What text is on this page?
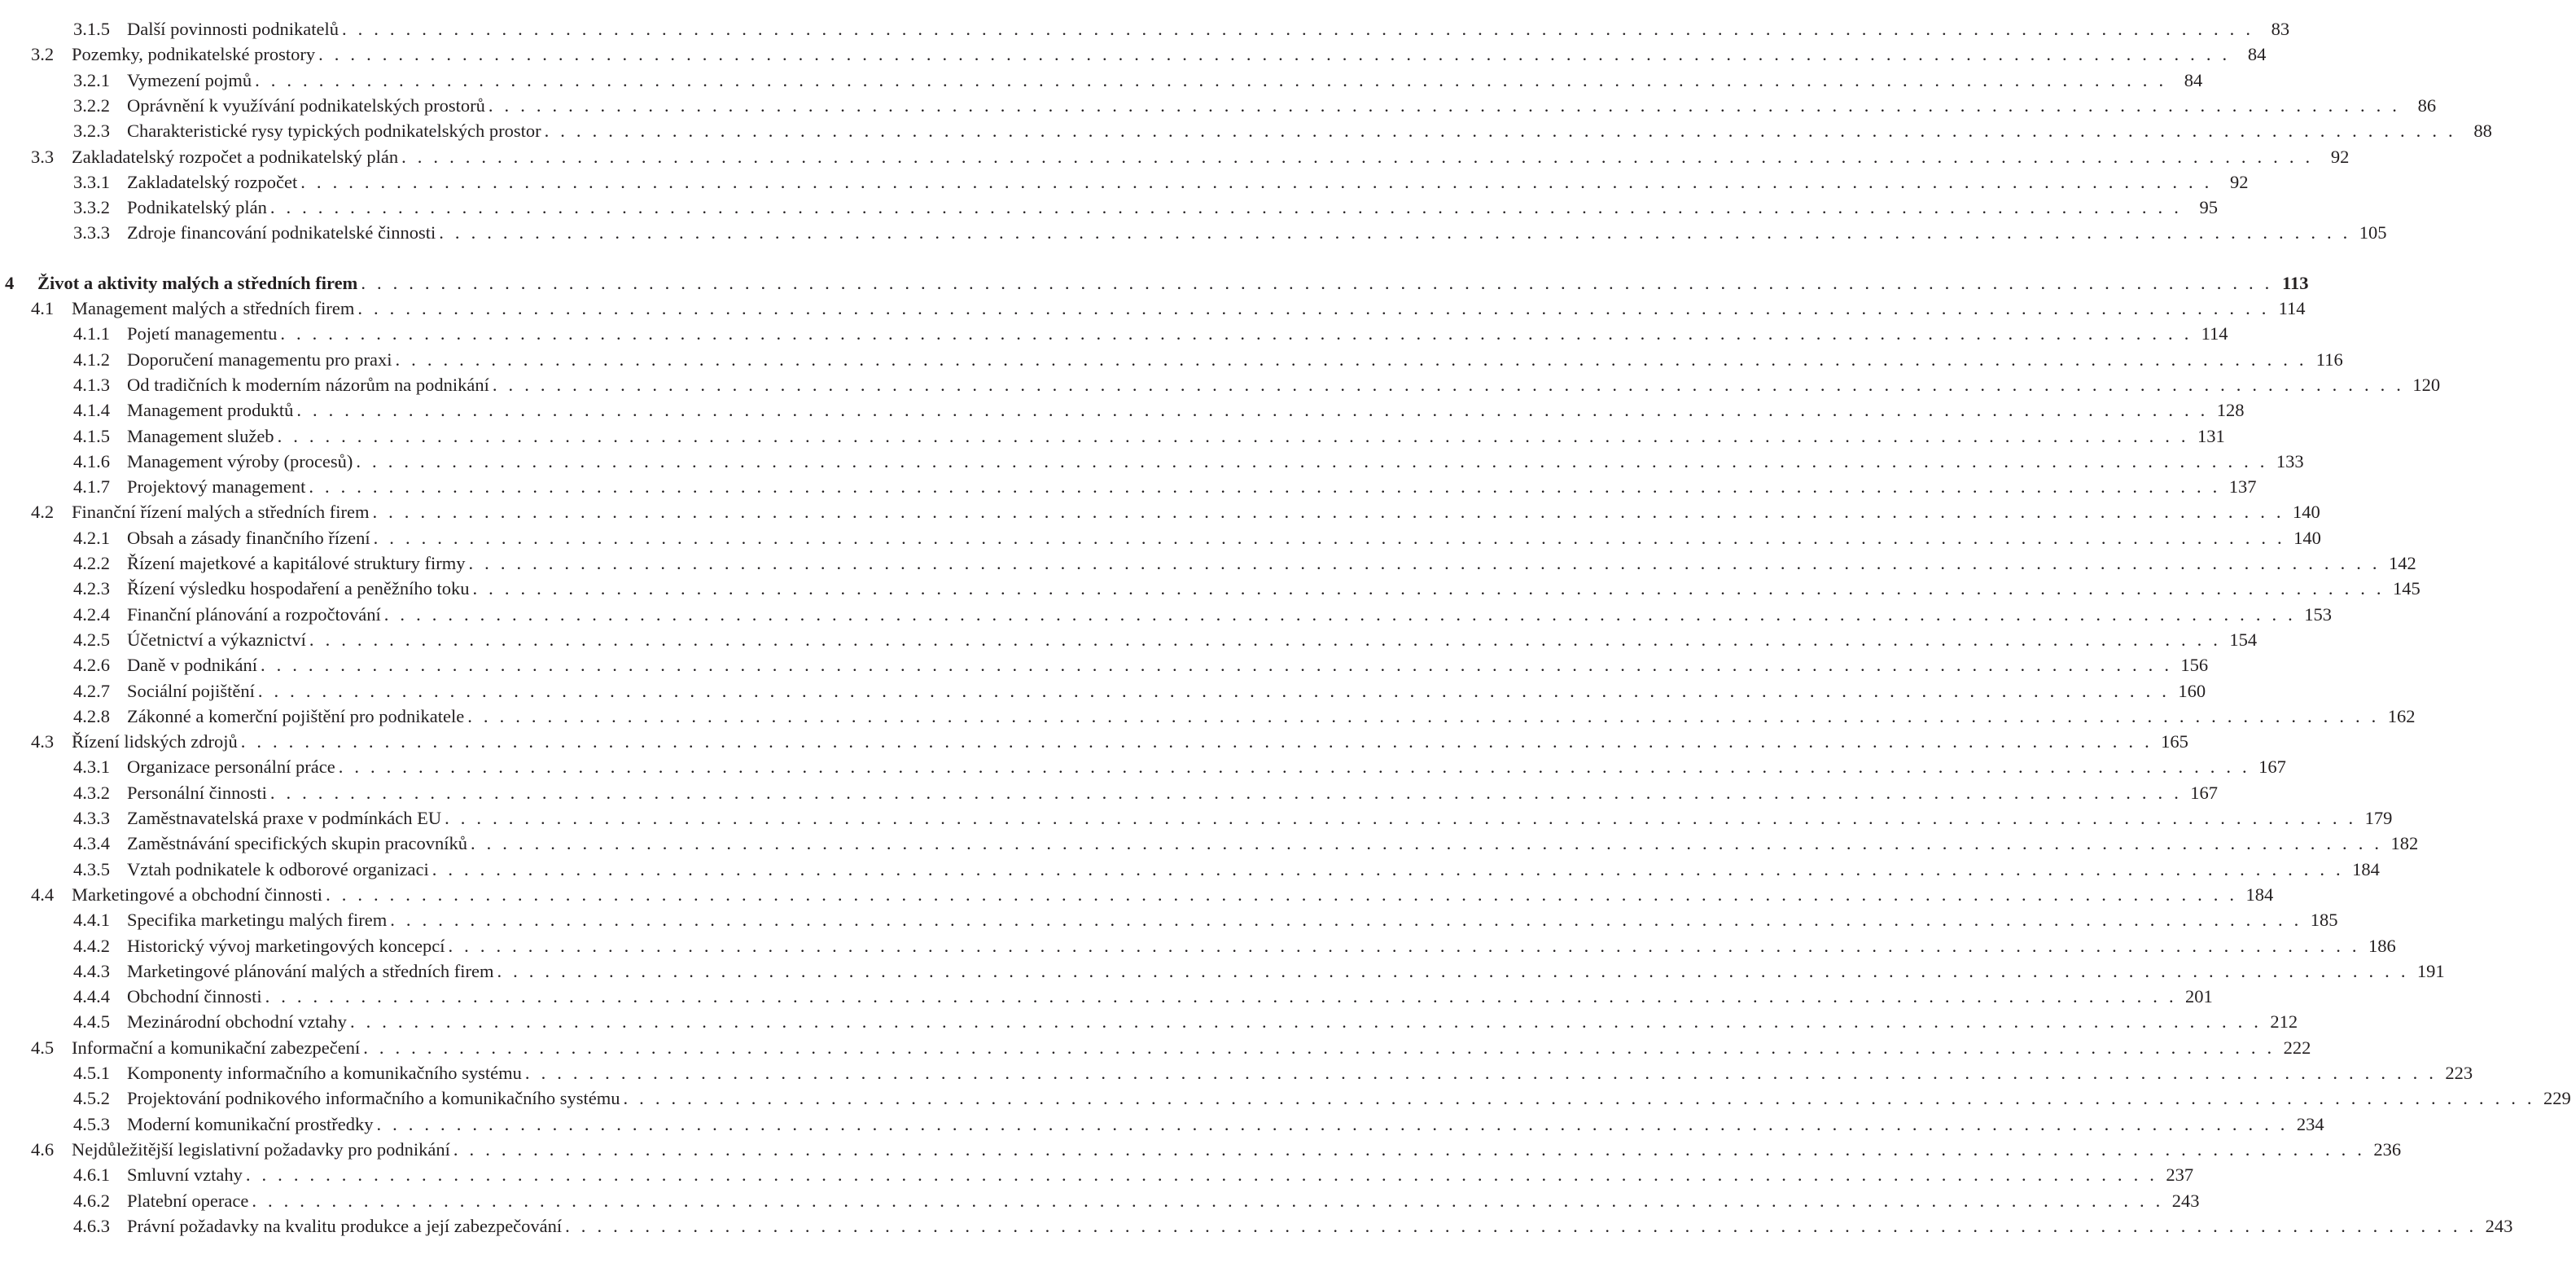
3.1.5 Další povinnosti podnikatelů . . . . . . . . . . . . . . . . . . . . . . . . . . . . . . . . . . . . . . . . . . . . . . . . . . . . . . . . . . . . . . . . . . . . . . . . . . . . . . . . . . . . . . . . . . . . . . . . . . . . . . . . . . . . . . . . . . . . . . . . 83
3.2 Pozemky, podnikatelské prostory . . . . . . . . . . . . . . . . . . . . . . . . . . . . . . . . . . . . . . . . . . . . . . . . . . . . . . . . . . . . . . . . . . . . . . . . . . . . . . . . . . . . . . . . . . . . . . . . . . . . . . . . . . . . . . . . . . . . . . . . 84
3.2.1 Vymezení pojmů . . . . . . . . . . . . . . . . . . . . . . . . . . . . . . . . . . . . . . . . . . . . . . . . . . . . . . . . . . . . . . . . . . . . . . . . . . . . . . . . . . . . . . . . . . . . . . . . . . . . . . . . . . . . . . . . . . . . . . . . 84
3.2.2 Oprávnění k využívání podnikatelských prostorů . . . . . . . . . . . . . . . . . . . . . . . . . . . . . . . . . . . . . . . . . . . . . . . . . . . . . . . . . . . . . . . . . . . . . . . . . . . . . . . . . . . . . . . . . . . . . . . . . . . . . . . . . . . . . . . . . . . . . . . . 86
3.2.3 Charakteristické rysy typických podnikatelských prostor . . . . . . . . . . . . . . . . . . . . . . . . . . . . . . . . . . . . . . . . . . . . . . . . . . . . . . . . . . . . . . . . . . . . . . . . . . . . . . . . . . . . . . . . . . . . . . . . . . . . . . . . . . . . . . . . . . . . . . . . 88
3.3 Zakladatelský rozpočet a podnikatelský plán . . . . . . . . . . . . . . . . . . . . . . . . . . . . . . . . . . . . . . . . . . . . . . . . . . . . . . . . . . . . . . . . . . . . . . . . . . . . . . . . . . . . . . . . . . . . . . . . . . . . . . . . . . . . . . . . . . . . . . . . 92
3.3.1 Zakladatelský rozpočet . . . . . . . . . . . . . . . . . . . . . . . . . . . . . . . . . . . . . . . . . . . . . . . . . . . . . . . . . . . . . . . . . . . . . . . . . . . . . . . . . . . . . . . . . . . . . . . . . . . . . . . . . . . . . . . . . . . . . . . . 92
3.3.2 Podnikatelský plán . . . . . . . . . . . . . . . . . . . . . . . . . . . . . . . . . . . . . . . . . . . . . . . . . . . . . . . . . . . . . . . . . . . . . . . . . . . . . . . . . . . . . . . . . . . . . . . . . . . . . . . . . . . . . . . . . . . . . . . . 95
3.3.3 Zdroje financování podnikatelské činnosti . . . . . . . . . . . . . . . . . . . . . . . . . . . . . . . . . . . . . . . . . . . . . . . . . . . . . . . . . . . . . . . . . . . . . . . . . . . . . . . . . . . . . . . . . . . . . . . . . . . . . . . . . . . . . . . . . . . . . . . . 105
4	Život a aktivity malých a středních firem . . . . . . . . . . . . . . . . . . . . . . . . . . . . . . . . . . . . . . . . . . . . . . . . . . . . . . . . . . . . . . . . . . . . . . . . . . . . . . . . . . . . . . . . . . . . . . . . . . . . . . . . . . . . . . . . . . . . . . . . 113
4.1 Management malých a středních firem . . . . . . . . . . . . . . . . . . . . . . . . . . . . . . . . . . . . . . . . . . . . . . . . . . . . . . . . . . . . . . . . . . . . . . . . . . . . . . . . . . . . . . . . . . . . . . . . . . . . . . . . . . . . . . . . . . . . . . . . 114
4.1.1 Pojetí managementu . . . . . . . . . . . . . . . . . . . . . . . . . . . . . . . . . . . . . . . . . . . . . . . . . . . . . . . . . . . . . . . . . . . . . . . . . . . . . . . . . . . . . . . . . . . . . . . . . . . . . . . . . . . . . . . . . . . . . . . . 114
4.1.2 Doporučení managementu pro praxi . . . . . . . . . . . . . . . . . . . . . . . . . . . . . . . . . . . . . . . . . . . . . . . . . . . . . . . . . . . . . . . . . . . . . . . . . . . . . . . . . . . . . . . . . . . . . . . . . . . . . . . . . . . . . . . . . . . . . . . . 116
4.1.3 Od tradičních k moderním názorům na podnikání . . . . . . . . . . . . . . . . . . . . . . . . . . . . . . . . . . . . . . . . . . . . . . . . . . . . . . . . . . . . . . . . . . . . . . . . . . . . . . . . . . . . . . . . . . . . . . . . . . . . . . . . . . . . . . . . . . . . . . . . 120
4.1.4 Management produktů . . . . . . . . . . . . . . . . . . . . . . . . . . . . . . . . . . . . . . . . . . . . . . . . . . . . . . . . . . . . . . . . . . . . . . . . . . . . . . . . . . . . . . . . . . . . . . . . . . . . . . . . . . . . . . . . . . . . . . . . 128
4.1.5 Management služeb . . . . . . . . . . . . . . . . . . . . . . . . . . . . . . . . . . . . . . . . . . . . . . . . . . . . . . . . . . . . . . . . . . . . . . . . . . . . . . . . . . . . . . . . . . . . . . . . . . . . . . . . . . . . . . . . . . . . . . . . 131
4.1.6 Management výroby (procesů) . . . . . . . . . . . . . . . . . . . . . . . . . . . . . . . . . . . . . . . . . . . . . . . . . . . . . . . . . . . . . . . . . . . . . . . . . . . . . . . . . . . . . . . . . . . . . . . . . . . . . . . . . . . . . . . . . . . . . . . . 133
4.1.7 Projektový management . . . . . . . . . . . . . . . . . . . . . . . . . . . . . . . . . . . . . . . . . . . . . . . . . . . . . . . . . . . . . . . . . . . . . . . . . . . . . . . . . . . . . . . . . . . . . . . . . . . . . . . . . . . . . . . . . . . . . . . . 137
4.2 Finanční řízení malých a středních firem . . . . . . . . . . . . . . . . . . . . . . . . . . . . . . . . . . . . . . . . . . . . . . . . . . . . . . . . . . . . . . . . . . . . . . . . . . . . . . . . . . . . . . . . . . . . . . . . . . . . . . . . . . . . . . . . . . . . . . . . 140
4.2.1 Obsah a zásady finančního řízení . . . . . . . . . . . . . . . . . . . . . . . . . . . . . . . . . . . . . . . . . . . . . . . . . . . . . . . . . . . . . . . . . . . . . . . . . . . . . . . . . . . . . . . . . . . . . . . . . . . . . . . . . . . . . . . . . . . . . . . . 140
4.2.2 Řízení majetkové a kapitálové struktury firmy . . . . . . . . . . . . . . . . . . . . . . . . . . . . . . . . . . . . . . . . . . . . . . . . . . . . . . . . . . . . . . . . . . . . . . . . . . . . . . . . . . . . . . . . . . . . . . . . . . . . . . . . . . . . . . . . . . . . . . . . 142
4.2.3 Řízení výsledku hospodaření a peněžního toku . . . . . . . . . . . . . . . . . . . . . . . . . . . . . . . . . . . . . . . . . . . . . . . . . . . . . . . . . . . . . . . . . . . . . . . . . . . . . . . . . . . . . . . . . . . . . . . . . . . . . . . . . . . . . . . . . . . . . . . . 145
4.2.4 Finanční plánování a rozpočtování . . . . . . . . . . . . . . . . . . . . . . . . . . . . . . . . . . . . . . . . . . . . . . . . . . . . . . . . . . . . . . . . . . . . . . . . . . . . . . . . . . . . . . . . . . . . . . . . . . . . . . . . . . . . . . . . . . . . . . . . 153
4.2.5 Účetnictví a výkaznictví . . . . . . . . . . . . . . . . . . . . . . . . . . . . . . . . . . . . . . . . . . . . . . . . . . . . . . . . . . . . . . . . . . . . . . . . . . . . . . . . . . . . . . . . . . . . . . . . . . . . . . . . . . . . . . . . . . . . . . . . 154
4.2.6 Daně v podnikání . . . . . . . . . . . . . . . . . . . . . . . . . . . . . . . . . . . . . . . . . . . . . . . . . . . . . . . . . . . . . . . . . . . . . . . . . . . . . . . . . . . . . . . . . . . . . . . . . . . . . . . . . . . . . . . . . . . . . . . . 156
4.2.7 Sociální pojištění . . . . . . . . . . . . . . . . . . . . . . . . . . . . . . . . . . . . . . . . . . . . . . . . . . . . . . . . . . . . . . . . . . . . . . . . . . . . . . . . . . . . . . . . . . . . . . . . . . . . . . . . . . . . . . . . . . . . . . . . 160
4.2.8 Zákonné a komerční pojištění pro podnikatele . . . . . . . . . . . . . . . . . . . . . . . . . . . . . . . . . . . . . . . . . . . . . . . . . . . . . . . . . . . . . . . . . . . . . . . . . . . . . . . . . . . . . . . . . . . . . . . . . . . . . . . . . . . . . . . . . . . . . . . . 162
4.3 Řízení lidských zdrojů . . . . . . . . . . . . . . . . . . . . . . . . . . . . . . . . . . . . . . . . . . . . . . . . . . . . . . . . . . . . . . . . . . . . . . . . . . . . . . . . . . . . . . . . . . . . . . . . . . . . . . . . . . . . . . . . . . . . . . . . 165
4.3.1 Organizace personální práce . . . . . . . . . . . . . . . . . . . . . . . . . . . . . . . . . . . . . . . . . . . . . . . . . . . . . . . . . . . . . . . . . . . . . . . . . . . . . . . . . . . . . . . . . . . . . . . . . . . . . . . . . . . . . . . . . . . . . . . . 167
4.3.2 Personální činnosti . . . . . . . . . . . . . . . . . . . . . . . . . . . . . . . . . . . . . . . . . . . . . . . . . . . . . . . . . . . . . . . . . . . . . . . . . . . . . . . . . . . . . . . . . . . . . . . . . . . . . . . . . . . . . . . . . . . . . . . . 167
4.3.3 Zaměstnavatelská praxe v podmínkách EU . . . . . . . . . . . . . . . . . . . . . . . . . . . . . . . . . . . . . . . . . . . . . . . . . . . . . . . . . . . . . . . . . . . . . . . . . . . . . . . . . . . . . . . . . . . . . . . . . . . . . . . . . . . . . . . . . . . . . . . . 179
4.3.4 Zaměstnávání specifických skupin pracovníků . . . . . . . . . . . . . . . . . . . . . . . . . . . . . . . . . . . . . . . . . . . . . . . . . . . . . . . . . . . . . . . . . . . . . . . . . . . . . . . . . . . . . . . . . . . . . . . . . . . . . . . . . . . . . . . . . . . . . . . . 182
4.3.5 Vztah podnikatele k odborové organizaci . . . . . . . . . . . . . . . . . . . . . . . . . . . . . . . . . . . . . . . . . . . . . . . . . . . . . . . . . . . . . . . . . . . . . . . . . . . . . . . . . . . . . . . . . . . . . . . . . . . . . . . . . . . . . . . . . . . . . . . . 184
4.4 Marketingové a obchodní činnosti . . . . . . . . . . . . . . . . . . . . . . . . . . . . . . . . . . . . . . . . . . . . . . . . . . . . . . . . . . . . . . . . . . . . . . . . . . . . . . . . . . . . . . . . . . . . . . . . . . . . . . . . . . . . . . . . . . . . . . . . 184
4.4.1 Specifika marketingu malých firem . . . . . . . . . . . . . . . . . . . . . . . . . . . . . . . . . . . . . . . . . . . . . . . . . . . . . . . . . . . . . . . . . . . . . . . . . . . . . . . . . . . . . . . . . . . . . . . . . . . . . . . . . . . . . . . . . . . . . . . . 185
4.4.2 Historický vývoj marketingových koncepcí . . . . . . . . . . . . . . . . . . . . . . . . . . . . . . . . . . . . . . . . . . . . . . . . . . . . . . . . . . . . . . . . . . . . . . . . . . . . . . . . . . . . . . . . . . . . . . . . . . . . . . . . . . . . . . . . . . . . . . . . 186
4.4.3 Marketingové plánování malých a středních firem . . . . . . . . . . . . . . . . . . . . . . . . . . . . . . . . . . . . . . . . . . . . . . . . . . . . . . . . . . . . . . . . . . . . . . . . . . . . . . . . . . . . . . . . . . . . . . . . . . . . . . . . . . . . . . . . . . . . . . . . 191
4.4.4 Obchodní činnosti . . . . . . . . . . . . . . . . . . . . . . . . . . . . . . . . . . . . . . . . . . . . . . . . . . . . . . . . . . . . . . . . . . . . . . . . . . . . . . . . . . . . . . . . . . . . . . . . . . . . . . . . . . . . . . . . . . . . . . . . 201
4.4.5 Mezinárodní obchodní vztahy . . . . . . . . . . . . . . . . . . . . . . . . . . . . . . . . . . . . . . . . . . . . . . . . . . . . . . . . . . . . . . . . . . . . . . . . . . . . . . . . . . . . . . . . . . . . . . . . . . . . . . . . . . . . . . . . . . . . . . . . 212
4.5 Informační a komunikační zabezpečení . . . . . . . . . . . . . . . . . . . . . . . . . . . . . . . . . . . . . . . . . . . . . . . . . . . . . . . . . . . . . . . . . . . . . . . . . . . . . . . . . . . . . . . . . . . . . . . . . . . . . . . . . . . . . . . . . . . . . . . . 222
4.5.1 Komponenty informačního a komunikačního systému . . . . . . . . . . . . . . . . . . . . . . . . . . . . . . . . . . . . . . . . . . . . . . . . . . . . . . . . . . . . . . . . . . . . . . . . . . . . . . . . . . . . . . . . . . . . . . . . . . . . . . . . . . . . . . . . . . . . . . . . 223
4.5.2 Projektování podnikového informačního a komunikačního systému . . . . . . . . . . . . . . . . . . . . . . . . . . . . . . . . . . . . . . . . . . . . . . . . . . . . . . . . . . . . . . . . . . . . . . . . . . . . . . . . . . . . . . . . . . . . . . . . . . . . . . . . . . . . . . . . . . . . . . . . 229
4.5.3 Moderní komunikační prostředky . . . . . . . . . . . . . . . . . . . . . . . . . . . . . . . . . . . . . . . . . . . . . . . . . . . . . . . . . . . . . . . . . . . . . . . . . . . . . . . . . . . . . . . . . . . . . . . . . . . . . . . . . . . . . . . . . . . . . . . . 234
4.6 Nejdůležitější legislativní požadavky pro podnikání . . . . . . . . . . . . . . . . . . . . . . . . . . . . . . . . . . . . . . . . . . . . . . . . . . . . . . . . . . . . . . . . . . . . . . . . . . . . . . . . . . . . . . . . . . . . . . . . . . . . . . . . . . . . . . . . . . . . . . . . 236
4.6.1 Smluvní vztahy . . . . . . . . . . . . . . . . . . . . . . . . . . . . . . . . . . . . . . . . . . . . . . . . . . . . . . . . . . . . . . . . . . . . . . . . . . . . . . . . . . . . . . . . . . . . . . . . . . . . . . . . . . . . . . . . . . . . . . . . 237
4.6.2 Platební operace . . . . . . . . . . . . . . . . . . . . . . . . . . . . . . . . . . . . . . . . . . . . . . . . . . . . . . . . . . . . . . . . . . . . . . . . . . . . . . . . . . . . . . . . . . . . . . . . . . . . . . . . . . . . . . . . . . . . . . . . 243
4.6.3 Právní požadavky na kvalitu produkce a její zabezpečování . . . . . . . . . . . . . . . . . . . . . . . . . . . . . . . . . . . . . . . . . . . . . . . . . . . . . . . . . . . . . . . . . . . . . . . . . . . . . . . . . . . . . . . . . . . . . . . . . . . . . . . . . . . . . . . . . . . . . . . . 243
